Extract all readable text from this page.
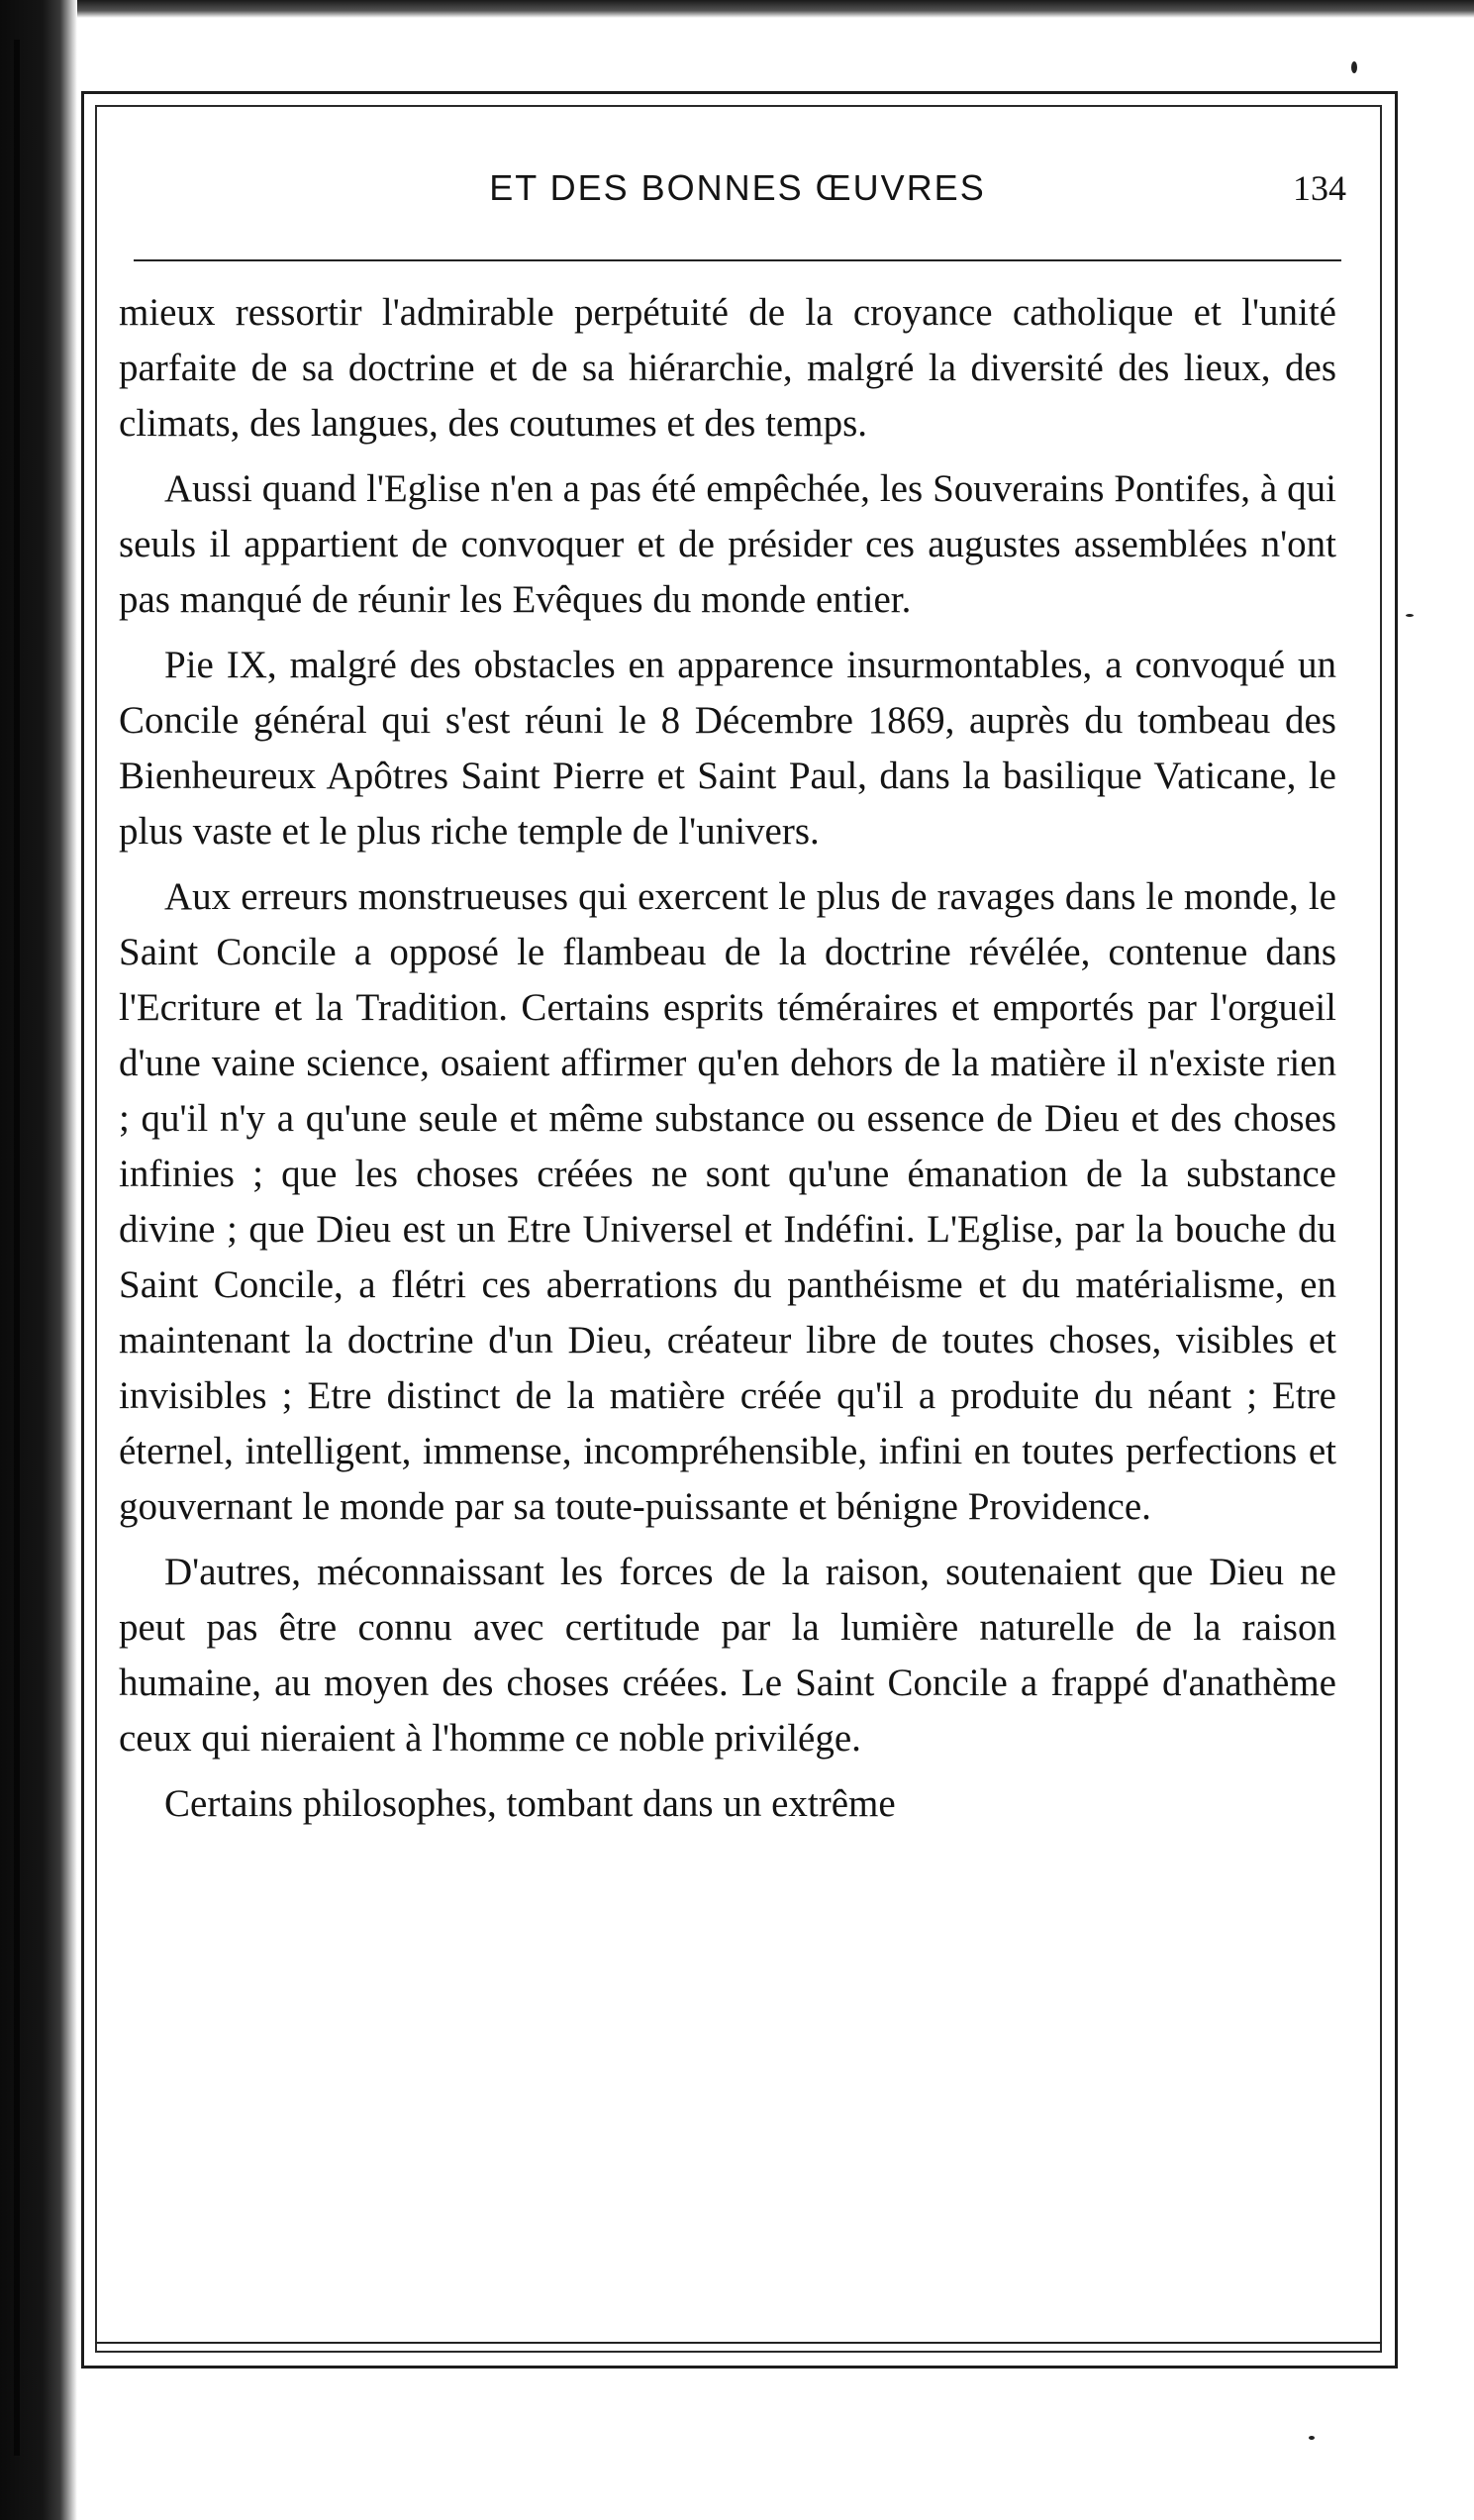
ET DES BONNES ŒUVRES	134

mieux ressortir l'admirable perpétuité de la croyance catholique et l'unité parfaite de sa doctrine et de sa hiérarchie, malgré la diversité des lieux, des climats, des langues, des coutumes et des temps.

Aussi quand l'Eglise n'en a pas été empêchée, les Souverains Pontifes, à qui seuls il appartient de convoquer et de présider ces augustes assemblées n'ont pas manqué de réunir les Evêques du monde entier.

Pie IX, malgré des obstacles en apparence insurmontables, a convoqué un Concile général qui s'est réuni le 8 Décembre 1869, auprès du tombeau des Bienheureux Apôtres Saint Pierre et Saint Paul, dans la basilique Vaticane, le plus vaste et le plus riche temple de l'univers.

Aux erreurs monstrueuses qui exercent le plus de ravages dans le monde, le Saint Concile a opposé le flambeau de la doctrine révélée, contenue dans l'Ecriture et la Tradition. Certains esprits téméraires et emportés par l'orgueil d'une vaine science, osaient affirmer qu'en dehors de la matière il n'existe rien ; qu'il n'y a qu'une seule et même substance ou essence de Dieu et des choses infinies ; que les choses créées ne sont qu'une émanation de la substance divine ; que Dieu est un Etre Universel et Indéfini. L'Eglise, par la bouche du Saint Concile, a flétri ces aberrations du panthéisme et du matérialisme, en maintenant la doctrine d'un Dieu, créateur libre de toutes choses, visibles et invisibles ; Etre distinct de la matière créée qu'il a produite du néant ; Etre éternel, intelligent, immense, incompréhensible, infini en toutes perfections et gouvernant le monde par sa toute-puissante et bénigne Providence.

D'autres, méconnaissant les forces de la raison, soutenaient que Dieu ne peut pas être connu avec certitude par la lumière naturelle de la raison humaine, au moyen des choses créées. Le Saint Concile a frappé d'anathème ceux qui nieraient à l'homme ce noble privilége.

Certains philosophes, tombant dans un extrême
